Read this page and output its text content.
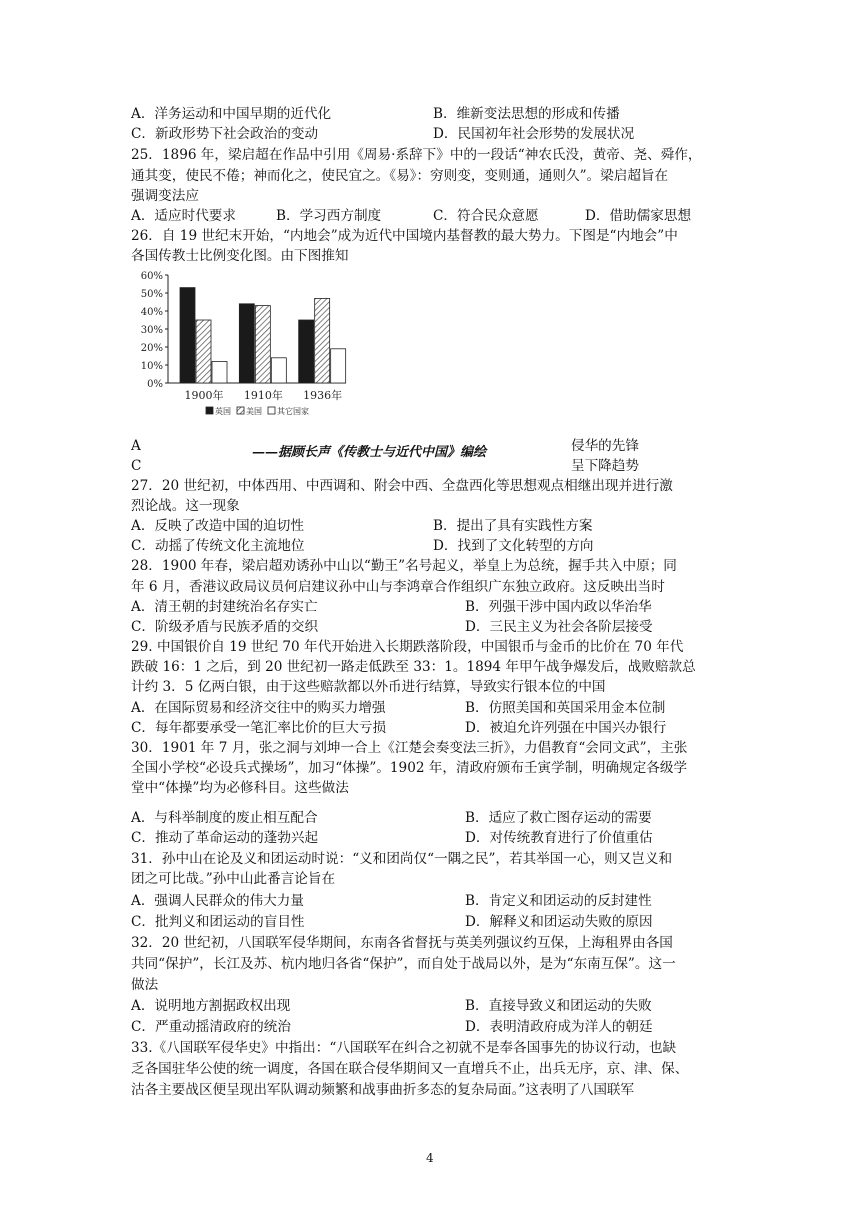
A．洋务运动和中国早期的近代化	B．维新变法思想的形成和传播
C．新政形势下社会政治的变动	D．民国初年社会形势的发展状况
25．1896 年，梁启超在作品中引用《周易·系辞下》中的一段话“神农氏没，黄帝、尧、舜作，
通其变，使民不倦；神而化之，使民宜之。《易》：穷则变，变则通，通则久”。梁启超旨在
强调变法应
A．适应时代要求	B．学习西方制度	C．符合民众意愿	D．借助儒家思想
26．自 19 世纪末开始，“内地会”成为近代中国境内基督教的最大势力。下图是“内地会”中
各国传教士比例变化图。由下图推知
0%
10%
20%
30%
40%
50%
60%
1900年 1910年 1936年
英国 美国 其它国家
A
C
——据顾长声《传教士与近代中国》编绘	侵华的先锋
呈下降趋势
27．20 世纪初，中体西用、中西调和、附会中西、全盘西化等思想观点相继出现并进行激
烈论战。这一现象
A．反映了改造中国的迫切性	B．提出了具有实践性方案
C．动摇了传统文化主流地位	D．找到了文化转型的方向
28．1900 年春，梁启超劝诱孙中山以“勤王”名号起义，举皇上为总统，握手共入中原；同
年 6 月，香港议政局议员何启建议孙中山与李鸿章合作组织广东独立政府。这反映出当时
A．清王朝的封建统治名存实亡	B．列强干涉中国内政以华治华
C．阶级矛盾与民族矛盾的交织	D．三民主义为社会各阶层接受
29. 中国银价自 19 世纪 70 年代开始进入长期跌落阶段，中国银币与金币的比价在 70 年代
跌破 16：1 之后，到 20 世纪初一路走低跌至 33：1。1894 年甲午战争爆发后，战败赔款总
计约 3．5 亿两白银，由于这些赔款都以外币进行结算，导致实行银本位的中国
A．在国际贸易和经济交往中的购买力增强	B．仿照美国和英国采用金本位制
C．每年都要承受一笔汇率比价的巨大亏损	D．被迫允许列强在中国兴办银行
30．1901 年 7 月，张之洞与刘坤一合上《江楚会奏变法三折》，力倡教育“会同文武”，主张
全国小学校“必设兵式操场”，加习“体操”。1902 年，清政府颁布壬寅学制，明确规定各级学
堂中“体操”均为必修科目。这些做法
A．与科举制度的废止相互配合	B．适应了救亡图存运动的需要
C．推动了革命运动的蓬勃兴起	D．对传统教育进行了价值重估
31．孙中山在论及义和团运动时说：“义和团尚仅“一隅之民”，若其举国一心，则又岂义和
团之可比哉。”孙中山此番言论旨在
A．强调人民群众的伟大力量	B．肯定义和团运动的反封建性
C．批判义和团运动的盲目性	D．解释义和团运动失败的原因
32．20 世纪初，八国联军侵华期间，东南各省督抚与英美列强议约互保，上海租界由各国
共同“保护”，长江及苏、杭内地归各省“保护”，而自处于战局以外，是为“东南互保”。这一
做法
A．说明地方割据政权出现	B．直接导致义和团运动的失败
C．严重动摇清政府的统治	D．表明清政府成为洋人的朝廷
33.《八国联军侵华史》中指出：“八国联军在纠合之初就不是奉各国事先的协议行动，也缺
乏各国驻华公使的统一调度，各国在联合侵华期间又一直增兵不止，出兵无序，京、津、保、
沽各主要战区便呈现出军队调动频繁和战事曲折多态的复杂局面。”这表明了八国联军
4
